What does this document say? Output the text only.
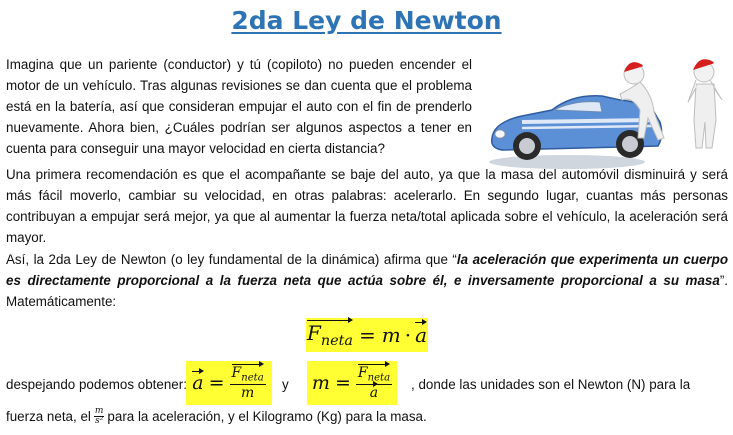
2da Ley de Newton
Imagina que un pariente (conductor) y tú (copiloto) no pueden encender el motor de un vehículo. Tras algunas revisiones se dan cuenta que el problema está en la batería, así que consideran empujar el auto con el fin de prenderlo nuevamente. Ahora bien, ¿Cuáles podrían ser algunos aspectos a tener en cuenta para conseguir una mayor velocidad en cierta distancia?
Una primera recomendación es que el acompañante se baje del auto, ya que la masa del automóvil disminuirá y será más fácil moverlo, cambiar su velocidad, en otras palabras: acelerarlo. En segundo lugar, cuantas más personas contribuyan a empujar será mejor, ya que al aumentar la fuerza neta/total aplicada sobre el vehículo, la aceleración será mayor.
Así, la 2da Ley de Newton (o ley fundamental de la dinámica) afirma que “la aceleración que experimenta un cuerpo es directamente proporcional a la fuerza neta que actúa sobre él, e inversamente proporcional a su masa”. Matemáticamente:
$F_{neta} = m \cdot a$
$a = \frac{F_{neta}}{m}$ $m = \frac{F_{neta}}{a}$
despejando podemos obtener:	y	, donde las unidades son el Newton (N) para la
fuerza neta, el m
s² para la aceleración, y el Kilogramo (Kg) para la masa.
